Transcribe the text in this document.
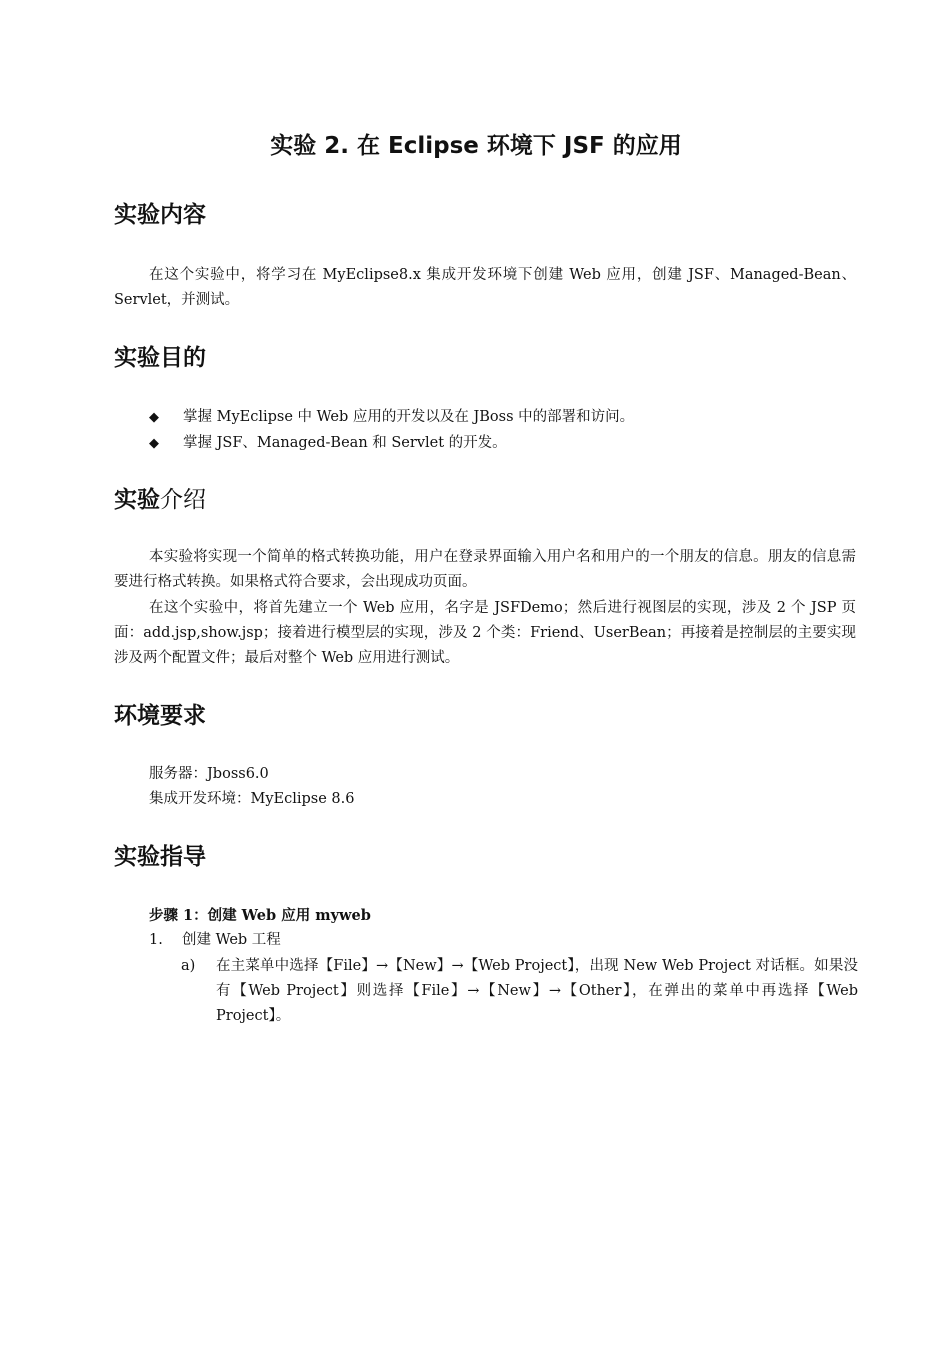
实验 2. 在 Eclipse 环境下 JSF 的应用
实验内容

在这个实验中，将学习在 MyEclipse8.x 集成开发环境下创建 Web 应用，创建 JSF、Managed-Bean、Servlet，并测试。

实验目的
◆ 掌握 MyEclipse 中 Web 应用的开发以及在 JBoss 中的部署和访问。
◆ 掌握 JSF、Managed-Bean 和 Servlet 的开发。
实验介绍

本实验将实现一个简单的格式转换功能，用户在登录界面输入用户名和用户的一个朋友的信息。朋友的信息需要进行格式转换。如果格式符合要求，会出现成功页面。

在这个实验中，将首先建立一个 Web 应用，名字是 JSFDemo；然后进行视图层的实现，涉及 2 个 JSP 页面：add.jsp,show.jsp；接着进行模型层的实现，涉及 2 个类：Friend、UserBean；再接着是控制层的主要实现涉及两个配置文件；最后对整个 Web 应用进行测试。

环境要求

服务器：Jboss6.0

集成开发环境：MyEclipse 8.6

实验指导

步骤 1：创建 Web 应用 myweb

1. 创建 Web 工程
a) 在主菜单中选择【File】→【New】→【Web Project】，出现 New Web Project 对话框。如果没有【Web Project】则选择【File】→【New】→【Other】，在弹出的菜单中再选择【Web Project】。
